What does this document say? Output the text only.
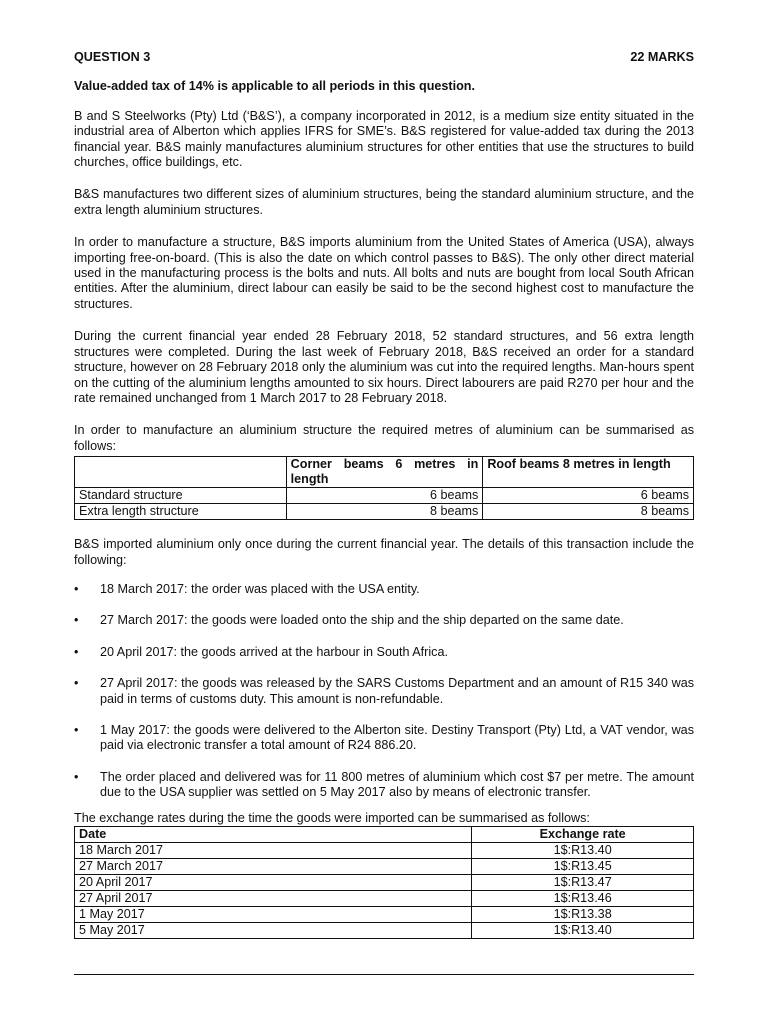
QUESTION 3	22 MARKS
Value-added tax of 14% is applicable to all periods in this question.

B and S Steelworks (Pty) Ltd (‘B&S’), a company incorporated in 2012, is a medium size entity situated in the industrial area of Alberton which applies IFRS for SME’s. B&S registered for value-added tax during the 2013 financial year. B&S mainly manufactures aluminium structures for other entities that use the structures to build churches, office buildings, etc.

B&S manufactures two different sizes of aluminium structures, being the standard aluminium structure, and the extra length aluminium structures.

In order to manufacture a structure, B&S imports aluminium from the United States of America (USA), always importing free-on-board. (This is also the date on which control passes to B&S). The only other direct material used in the manufacturing process is the bolts and nuts. All bolts and nuts are bought from local South African entities. After the aluminium, direct labour can easily be said to be the second highest cost to manufacture the structures.

During the current financial year ended 28 February 2018, 52 standard structures, and 56 extra length structures were completed. During the last week of February 2018, B&S received an order for a standard structure, however on 28 February 2018 only the aluminium was cut into the required lengths. Man-hours spent on the cutting of the aluminium lengths amounted to six hours. Direct labourers are paid R270 per hour and the rate remained unchanged from 1 March 2017 to 28 February 2018.

In order to manufacture an aluminium structure the required metres of aluminium can be summarised as follows:

	Corner beams 6 metres in length	Roof beams 8 metres in length
Standard structure	6 beams	6 beams
Extra length structure	8 beams	8 beams

B&S imported aluminium only once during the current financial year. The details of this transaction include the following:

• 18 March 2017: the order was placed with the USA entity.
• 27 March 2017: the goods were loaded onto the ship and the ship departed on the same date.
• 20 April 2017: the goods arrived at the harbour in South Africa.
• 27 April 2017: the goods was released by the SARS Customs Department and an amount of R15 340 was paid in terms of customs duty. This amount is non-refundable.
• 1 May 2017: the goods were delivered to the Alberton site. Destiny Transport (Pty) Ltd, a VAT vendor, was paid via electronic transfer a total amount of R24 886.20.
• The order placed and delivered was for 11 800 metres of aluminium which cost $7 per metre. The amount due to the USA supplier was settled on 5 May 2017 also by means of electronic transfer.

The exchange rates during the time the goods were imported can be summarised as follows:

Date	Exchange rate
18 March 2017	1$:R13.40
27 March 2017	1$:R13.45
20 April 2017	1$:R13.47
27 April 2017	1$:R13.46
1 May 2017	1$:R13.38
5 May 2017	1$:R13.40
